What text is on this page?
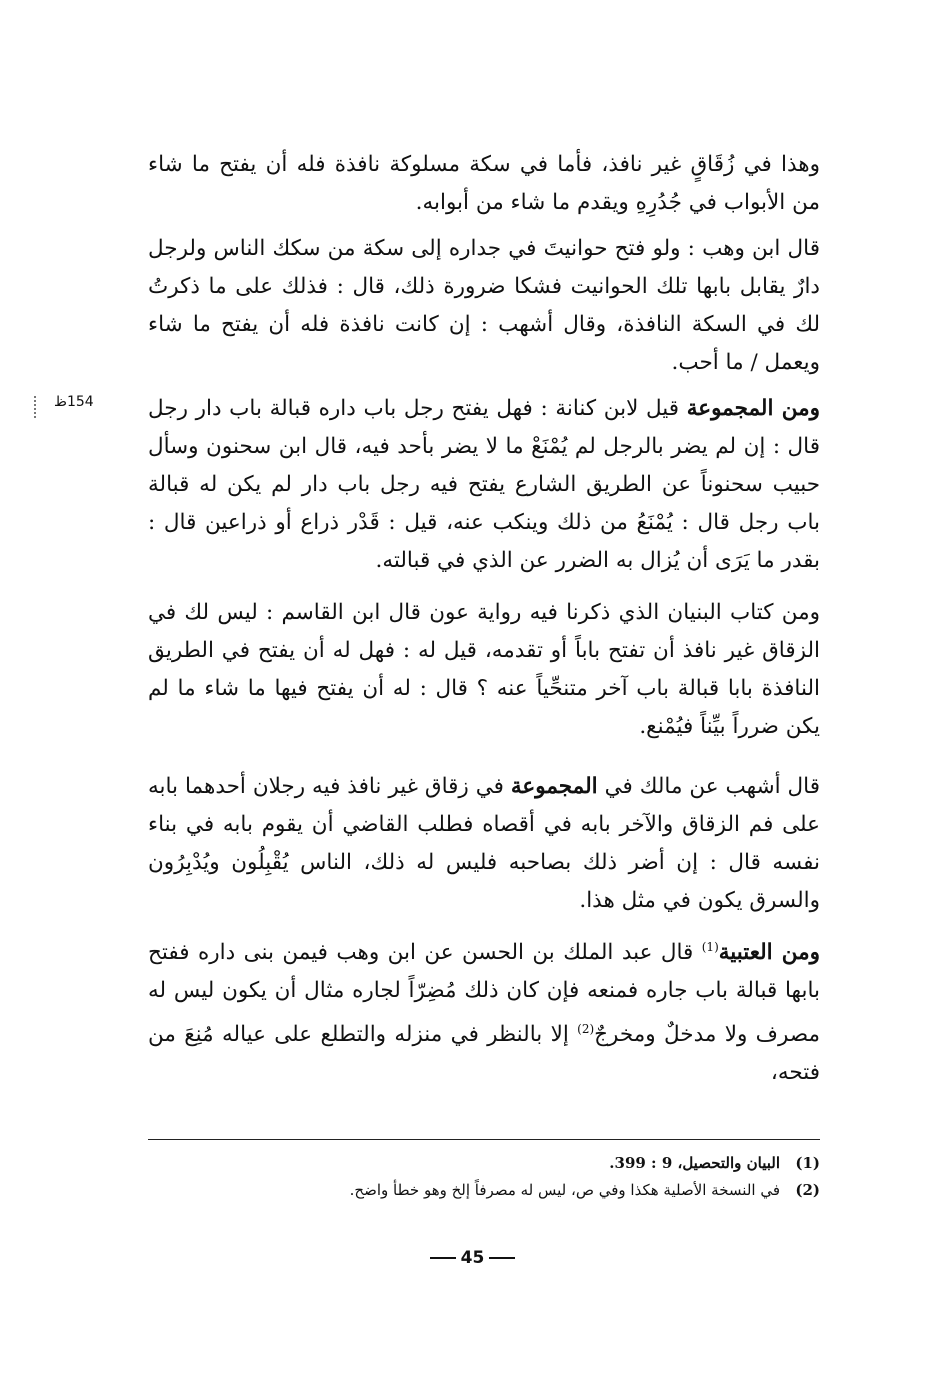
154ظ

وهذا في زُقَاقٍ غير نافذ، فأما في سكة مسلوكة نافذة فله أن يفتح ما شاء من الأبواب في جُدُرِهِ ويقدم ما شاء من أبوابه.

قال ابن وهب : ولو فتح حوانيتَ في جداره إلى سكة من سكك الناس ولرجل دارٌ يقابل بابها تلك الحوانيت فشكا ضرورة ذلك، قال : فذلك على ما ذكرتُ لك في السكة النافذة، وقال أشهب : إن كانت نافذة فله أن يفتح ما شاء ويعمل / ما أحب.

ومن المجموعة قيل لابن كنانة : فهل يفتح رجل باب داره قبالة باب دار رجل قال : إن لم يضر بالرجل لم يُمْنَعْ ما لا يضر بأحد فيه، قال ابن سحنون وسأل حبيب سحنوناً عن الطريق الشارع يفتح فيه رجل باب دار لم يكن له قبالة باب رجل قال : يُمْنَعُ من ذلك وينكب عنه، قيل : قَدْر ذراع أو ذراعين قال : بقدر ما يَرَى أن يُزال به الضرر عن الذي في قبالته.

ومن كتاب البنيان الذي ذكرنا فيه رواية عون قال ابن القاسم : ليس لك في الزقاق غير نافذ أن تفتح باباً أو تقدمه، قيل له : فهل له أن يفتح في الطريق النافذة بابا قبالة باب آخر متنحِّياً عنه ؟ قال : له أن يفتح فيها ما شاء ما لم يكن ضرراً بيِّناً فيُمْنع.

قال أشهب عن مالك في المجموعة في زقاق غير نافذ فيه رجلان أحدهما بابه على فم الزقاق والآخر بابه في أقصاه فطلب القاضي أن يقوم بابه في بناء نفسه قال : إن أضر ذلك بصاحبه فليس له ذلك، الناس يُقْبِلُون ويُدْبِرُون والسرق يكون في مثل هذا.

ومن العتبية$^{(1)}$ قال عبد الملك بن الحسن عن ابن وهب فيمن بنى داره ففتح بابها قبالة باب جاره فمنعه فإن كان ذلك مُضِرّاً لجاره مثال أن يكون ليس له مصرف ولا مدخلٌ ومخرجٌ$^{(2)}$ إلا بالنظر في منزله والتطلع على عياله مُنِعَ من فتحه،

(1)
البيان والتحصيل، 9 : 399.
(2)
في النسخة الأصلية هكذا وفي ص، ليس له مصرفاً إلخ وهو خطأ واضح.
45
